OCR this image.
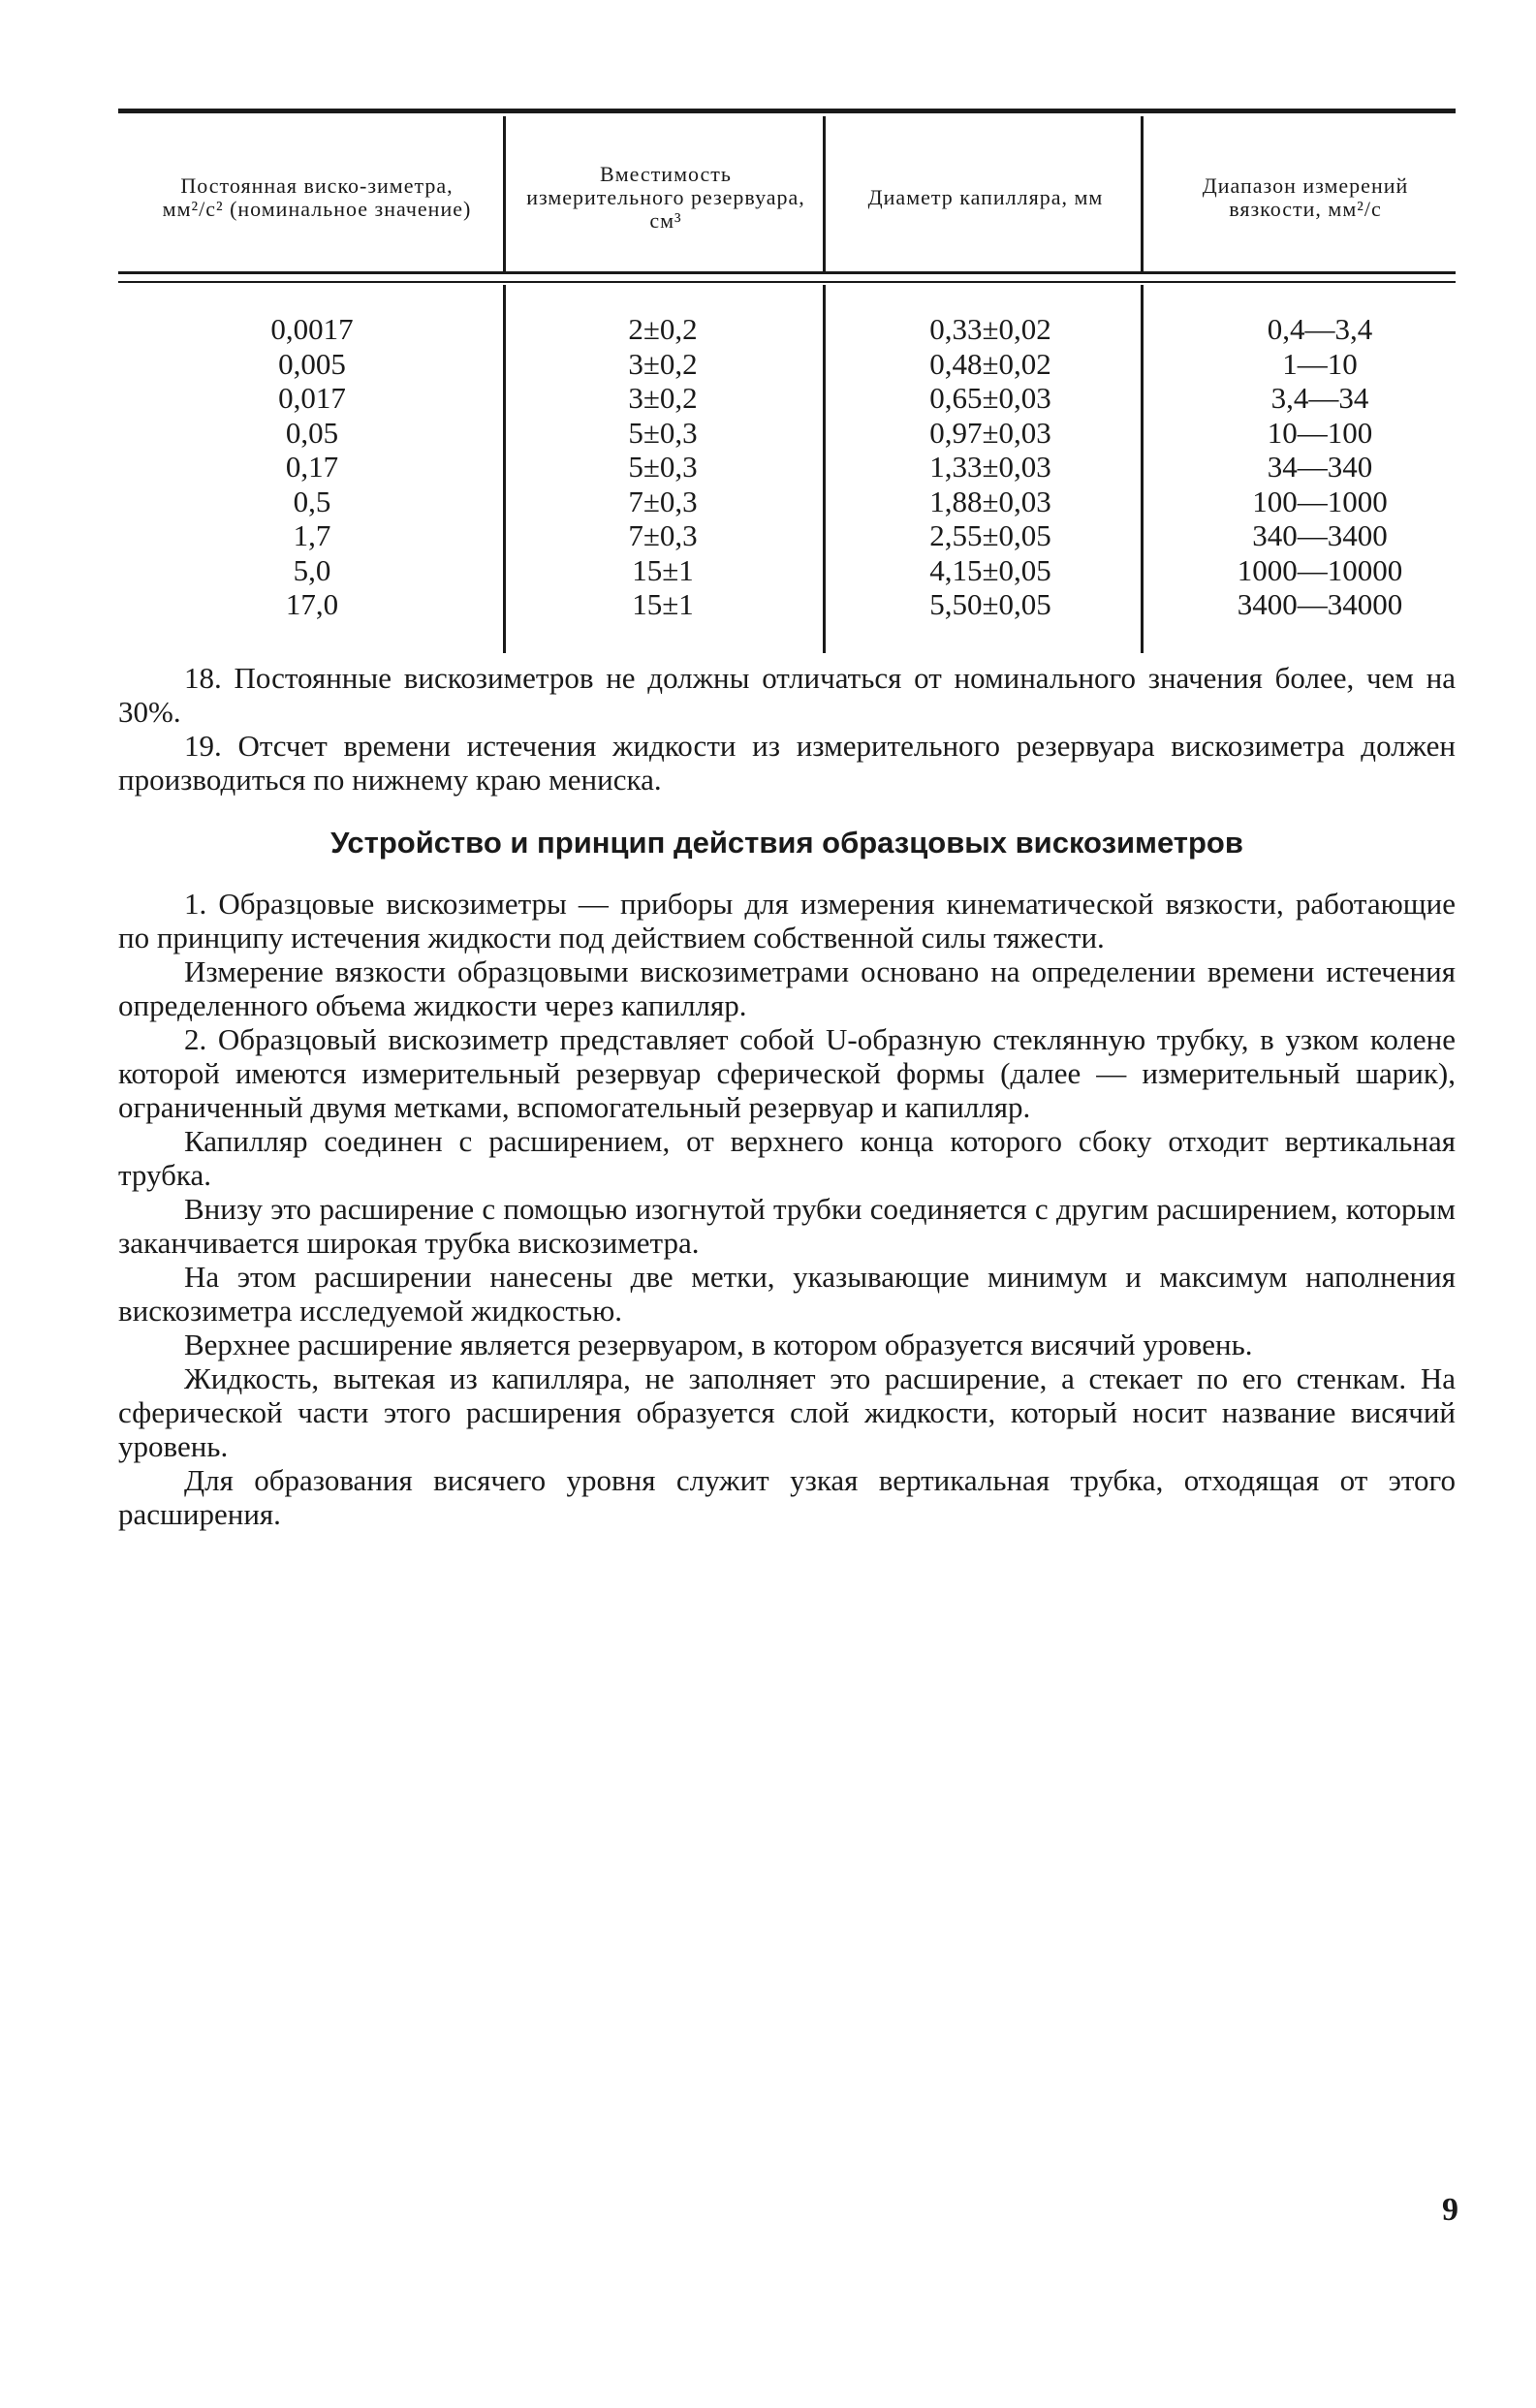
Постоянная виско-зиметра, мм²/с² (номинальное значение)
Вместимость измерительного резервуара, см³
Диаметр капилляра, мм	Диапазон измерений вязкости, мм²/с
0,0017
0,005
0,017
0,05
0,17
0,5
1,7
5,0
17,0
2±0,2
3±0,2
3±0,2
5±0,3
5±0,3
7±0,3
7±0,3
15±1
15±1
0,33±0,02
0,48±0,02
0,65±0,03
0,97±0,03
1,33±0,03
1,88±0,03
2,55±0,05
4,15±0,05
5,50±0,05
0,4—3,4
1—10
3,4—34
10—100
34—340
100—1000
340—3400
1000—10000
3400—34000

18. Постоянные вискозиметров не должны отличаться от номинального значения более, чем на 30%.

19. Отсчет времени истечения жидкости из измерительного резервуара вискозиметра должен производиться по нижнему краю мениска.

Устройство и принцип действия образцовых вискозиметров

1. Образцовые вискозиметры — приборы для измерения кинематической вязкости, работающие по принципу истечения жидкости под действием собственной силы тяжести.

Измерение вязкости образцовыми вискозиметрами основано на определении времени истечения определенного объема жидкости через капилляр.

2. Образцовый вискозиметр представляет собой U-образную стеклянную трубку, в узком колене которой имеются измерительный резервуар сферической формы (далее — измерительный шарик), ограниченный двумя метками, вспомогательный резервуар и капилляр.

Капилляр соединен с расширением, от верхнего конца которого сбоку отходит вертикальная трубка.

Внизу это расширение с помощью изогнутой трубки соединяется с другим расширением, которым заканчивается широкая трубка вискозиметра.

На этом расширении нанесены две метки, указывающие минимум и максимум наполнения вискозиметра исследуемой жидкостью.

Верхнее расширение является резервуаром, в котором образуется висячий уровень.

Жидкость, вытекая из капилляра, не заполняет это расширение, а стекает по его стенкам. На сферической части этого расширения образуется слой жидкости, который носит название висячий уровень.

Для образования висячего уровня служит узкая вертикальная трубка, отходящая от этого расширения.

9
